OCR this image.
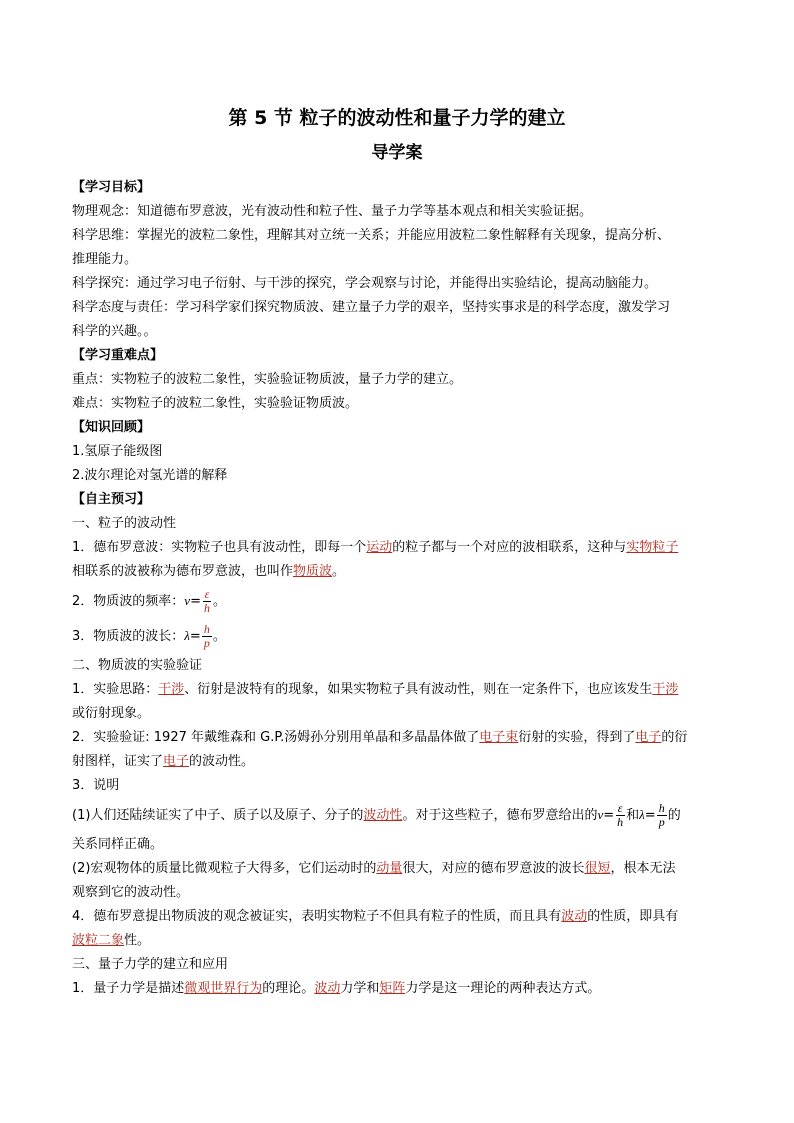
第 5 节 粒子的波动性和量子力学的建立

导学案

【学习目标】

物理观念：知道德布罗意波，光有波动性和粒子性、量子力学等基本观点和相关实验证据。

科学思维：掌握光的波粒二象性，理解其对立统一关系；并能应用波粒二象性解释有关现象，提高分析、

推理能力。

科学探究：通过学习电子衍射、与干涉的探究，学会观察与讨论，并能得出实验结论，提高动脑能力。

科学态度与责任：学习科学家们探究物质波、建立量子力学的艰辛，坚持实事求是的科学态度，激发学习

科学的兴趣。。

【学习重难点】

重点：实物粒子的波粒二象性，实验验证物质波，量子力学的建立。

难点：实物粒子的波粒二象性，实验验证物质波。

【知识回顾】

1.氢原子能级图

2.波尔理论对氢光谱的解释

【自主预习】

一、粒子的波动性

1．德布罗意波：实物粒子也具有波动性，即每一个运动的粒子都与一个对应的波相联系，这种与实物粒子

相联系的波被称为德布罗意波，也叫作物质波。

2．物质波的频率：$\nu= \frac{\varepsilon}{h}$ 。

3．物质波的波长：$\lambda= \frac{h}{p}$ 。

二、物质波的实验验证

1．实验思路：干涉、衍射是波特有的现象，如果实物粒子具有波动性，则在一定条件下，也应该发生干涉

或衍射现象。

2．实验验证: 1927 年戴维森和 G.P.汤姆孙分别用单晶和多晶晶体做了电子束衍射的实验，得到了电子的衍

射图样，证实了电子的波动性。

3．说明

(1)人们还陆续证实了中子、质子以及原子、分子的波动性。对于这些粒子，德布罗意给出的$\nu= \frac{\varepsilon}{h}$ 和$\lambda= \frac{h}{p}$ 的

关系同样正确。

(2)宏观物体的质量比微观粒子大得多，它们运动时的动量很大，对应的德布罗意波的波长很短，根本无法

观察到它的波动性。

4．德布罗意提出物质波的观念被证实，表明实物粒子不但具有粒子的性质，而且具有波动的性质，即具有

波粒二象性。

三、量子力学的建立和应用

1．量子力学是描述微观世界行为的理论。波动力学和矩阵力学是这一理论的两种表达方式。
